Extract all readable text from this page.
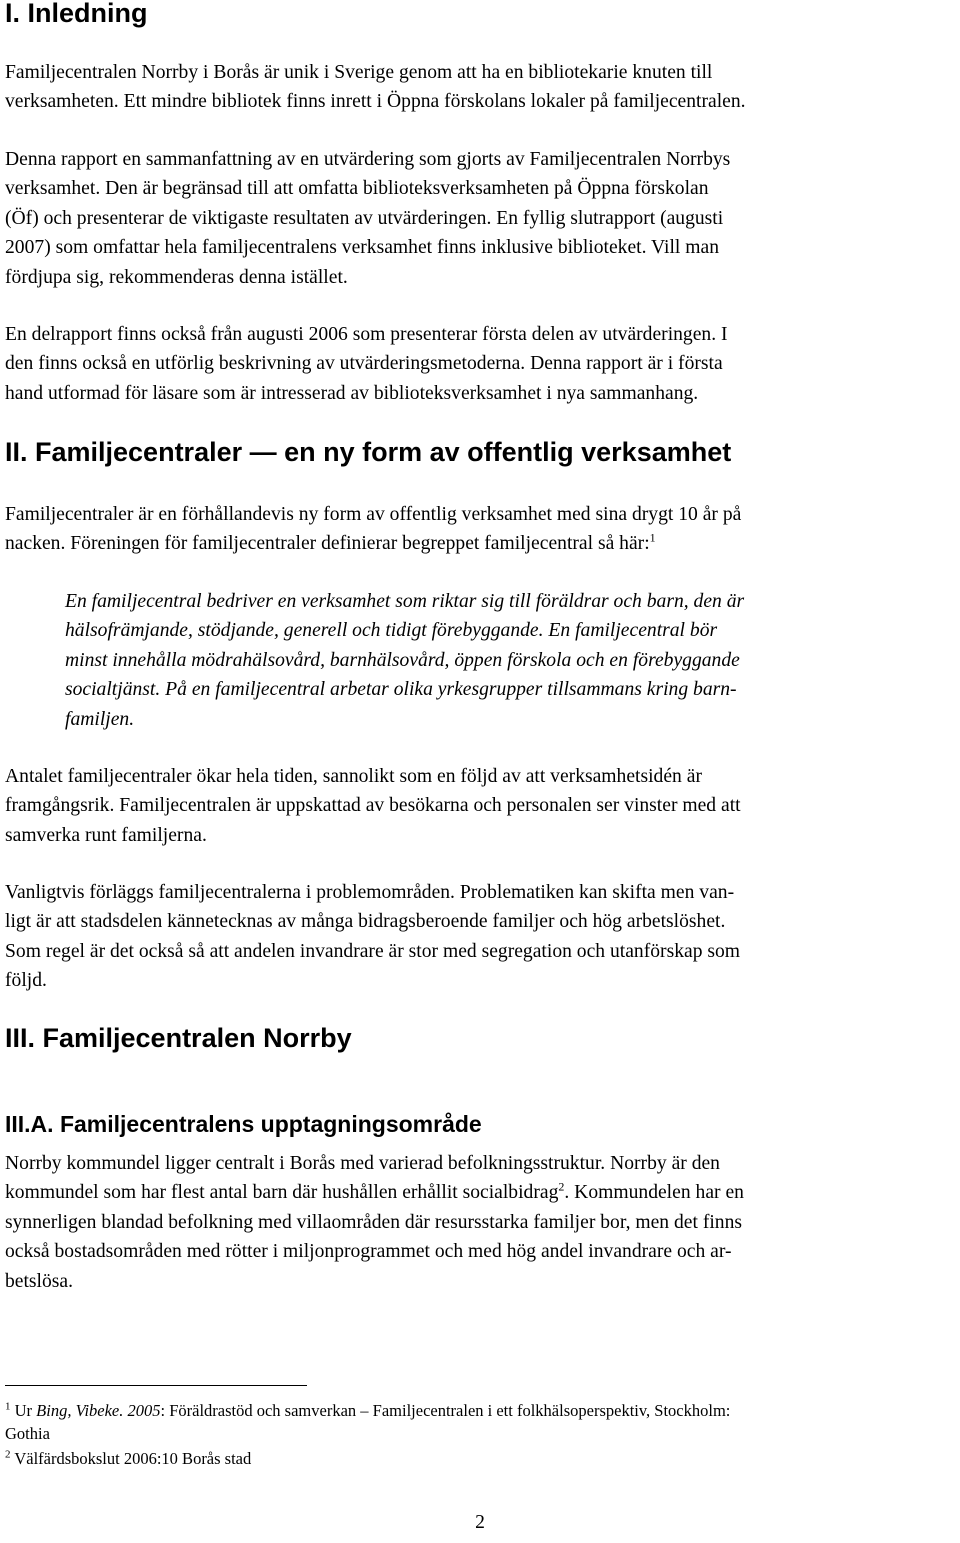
I. Inledning

Familjecentralen Norrby i Borås är unik i Sverige genom att ha en bibliotekarie knuten till
verksamheten. Ett mindre bibliotek finns inrett i Öppna förskolans lokaler på familjecentralen.

Denna rapport en sammanfattning av en utvärdering som gjorts av Familjecentralen Norrbys
verksamhet. Den är begränsad till att omfatta biblioteksverksamheten på Öppna förskolan
(Öf) och presenterar de viktigaste resultaten av utvärderingen. En fyllig slutrapport (augusti
2007) som omfattar hela familjecentralens verksamhet finns inklusive biblioteket. Vill man
fördjupa sig, rekommenderas denna istället.

En delrapport finns också från augusti 2006 som presenterar första delen av utvärderingen. I
den finns också en utförlig beskrivning av utvärderingsmetoderna. Denna rapport är i första
hand utformad för läsare som är intresserad av biblioteksverksamhet i nya sammanhang.

II. Familjecentraler — en ny form av offentlig verksamhet

Familjecentraler är en förhållandevis ny form av offentlig verksamhet med sina drygt 10 år på
nacken. Föreningen för familjecentraler definierar begreppet familjecentral så här:$^1$

En familjecentral bedriver en verksamhet som riktar sig till föräldrar och barn, den är
hälsofrämjande, stödjande, generell och tidigt förebyggande. En familjecentral bör
minst innehålla mödrahälsovård, barnhälsovård, öppen förskola och en förebyggande
socialtjänst. På en familjecentral arbetar olika yrkesgrupper tillsammans kring barn-
familjen.

Antalet familjecentraler ökar hela tiden, sannolikt som en följd av att verksamhetsidén är
framgångsrik. Familjecentralen är uppskattad av besökarna och personalen ser vinster med att
samverka runt familjerna.

Vanligtvis förläggs familjecentralerna i problemområden. Problematiken kan skifta men van-
ligt är att stadsdelen kännetecknas av många bidragsberoende familjer och hög arbetslöshet.
Som regel är det också så att andelen invandrare är stor med segregation och utanförskap som
följd.

III. Familjecentralen Norrby
III.A. Familjecentralens upptagningsområde

Norrby kommundel ligger centralt i Borås med varierad befolkningsstruktur. Norrby är den
kommundel som har flest antal barn där hushållen erhållit socialbidrag$^2$. Kommundelen har en
synnerligen blandad befolkning med villaområden där resursstarka familjer bor, men det finns
också bostadsområden med rötter i miljonprogrammet och med hög andel invandrare och ar-
betslösa.

$^1$ Ur Bing, Vibeke. 2005: Föräldrastöd och samverkan – Familjecentralen i ett folkhälsoperspektiv, Stockholm:
Gothia

$^2$ Välfärdsbokslut 2006:10 Borås stad

2
